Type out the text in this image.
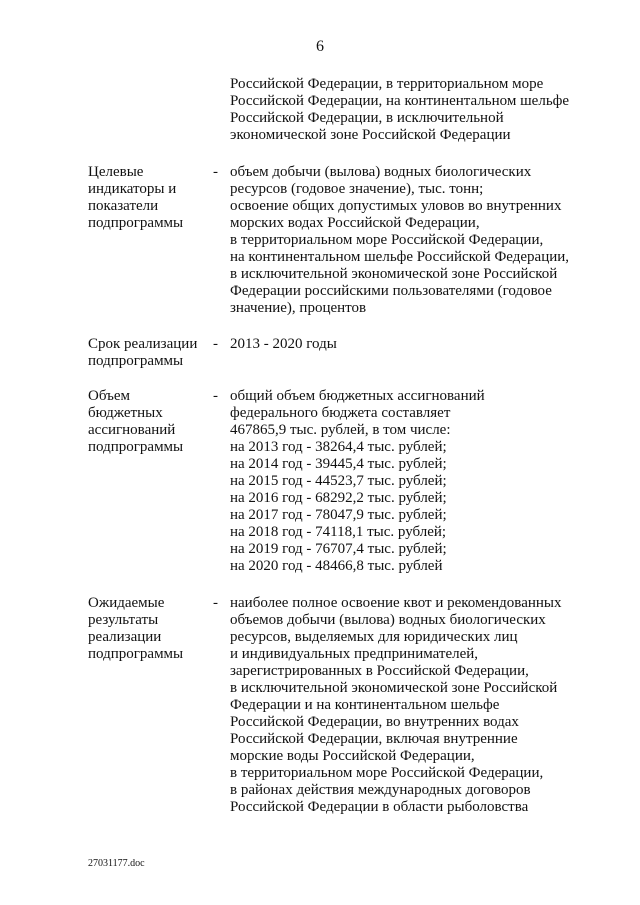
6
Российской Федерации, в территориальном море
Российской Федерации, на континентальном шельфе
Российской Федерации, в исключительной
экономической зоне Российской Федерации
Целевые
индикаторы и
показатели
подпрограммы
- объем добычи (вылова) водных биологических
ресурсов (годовое значение), тыс. тонн;
освоение общих допустимых уловов во внутренних
морских водах Российской Федерации,
в территориальном море Российской Федерации,
на континентальном шельфе Российской Федерации,
в исключительной экономической зоне Российской
Федерации российскими пользователями (годовое
значение), процентов
Срок реализации
подпрограммы
- 2013 - 2020 годы
Объем
бюджетных
ассигнований
подпрограммы
- общий объем бюджетных ассигнований
федерального бюджета составляет
467865,9 тыс. рублей, в том числе:
на 2013 год - 38264,4 тыс. рублей;
на 2014 год - 39445,4 тыс. рублей;
на 2015 год - 44523,7 тыс. рублей;
на 2016 год - 68292,2 тыс. рублей;
на 2017 год - 78047,9 тыс. рублей;
на 2018 год - 74118,1 тыс. рублей;
на 2019 год - 76707,4 тыс. рублей;
на 2020 год - 48466,8 тыс. рублей
Ожидаемые
результаты
реализации
подпрограммы
- наиболее полное освоение квот и рекомендованных
объемов добычи (вылова) водных биологических
ресурсов, выделяемых для юридических лиц
и индивидуальных предпринимателей,
зарегистрированных в Российской Федерации,
в исключительной экономической зоне Российской
Федерации и на континентальном шельфе
Российской Федерации, во внутренних водах
Российской Федерации, включая внутренние
морские воды Российской Федерации,
в территориальном море Российской Федерации,
в районах действия международных договоров
Российской Федерации в области рыболовства
27031177.doc
